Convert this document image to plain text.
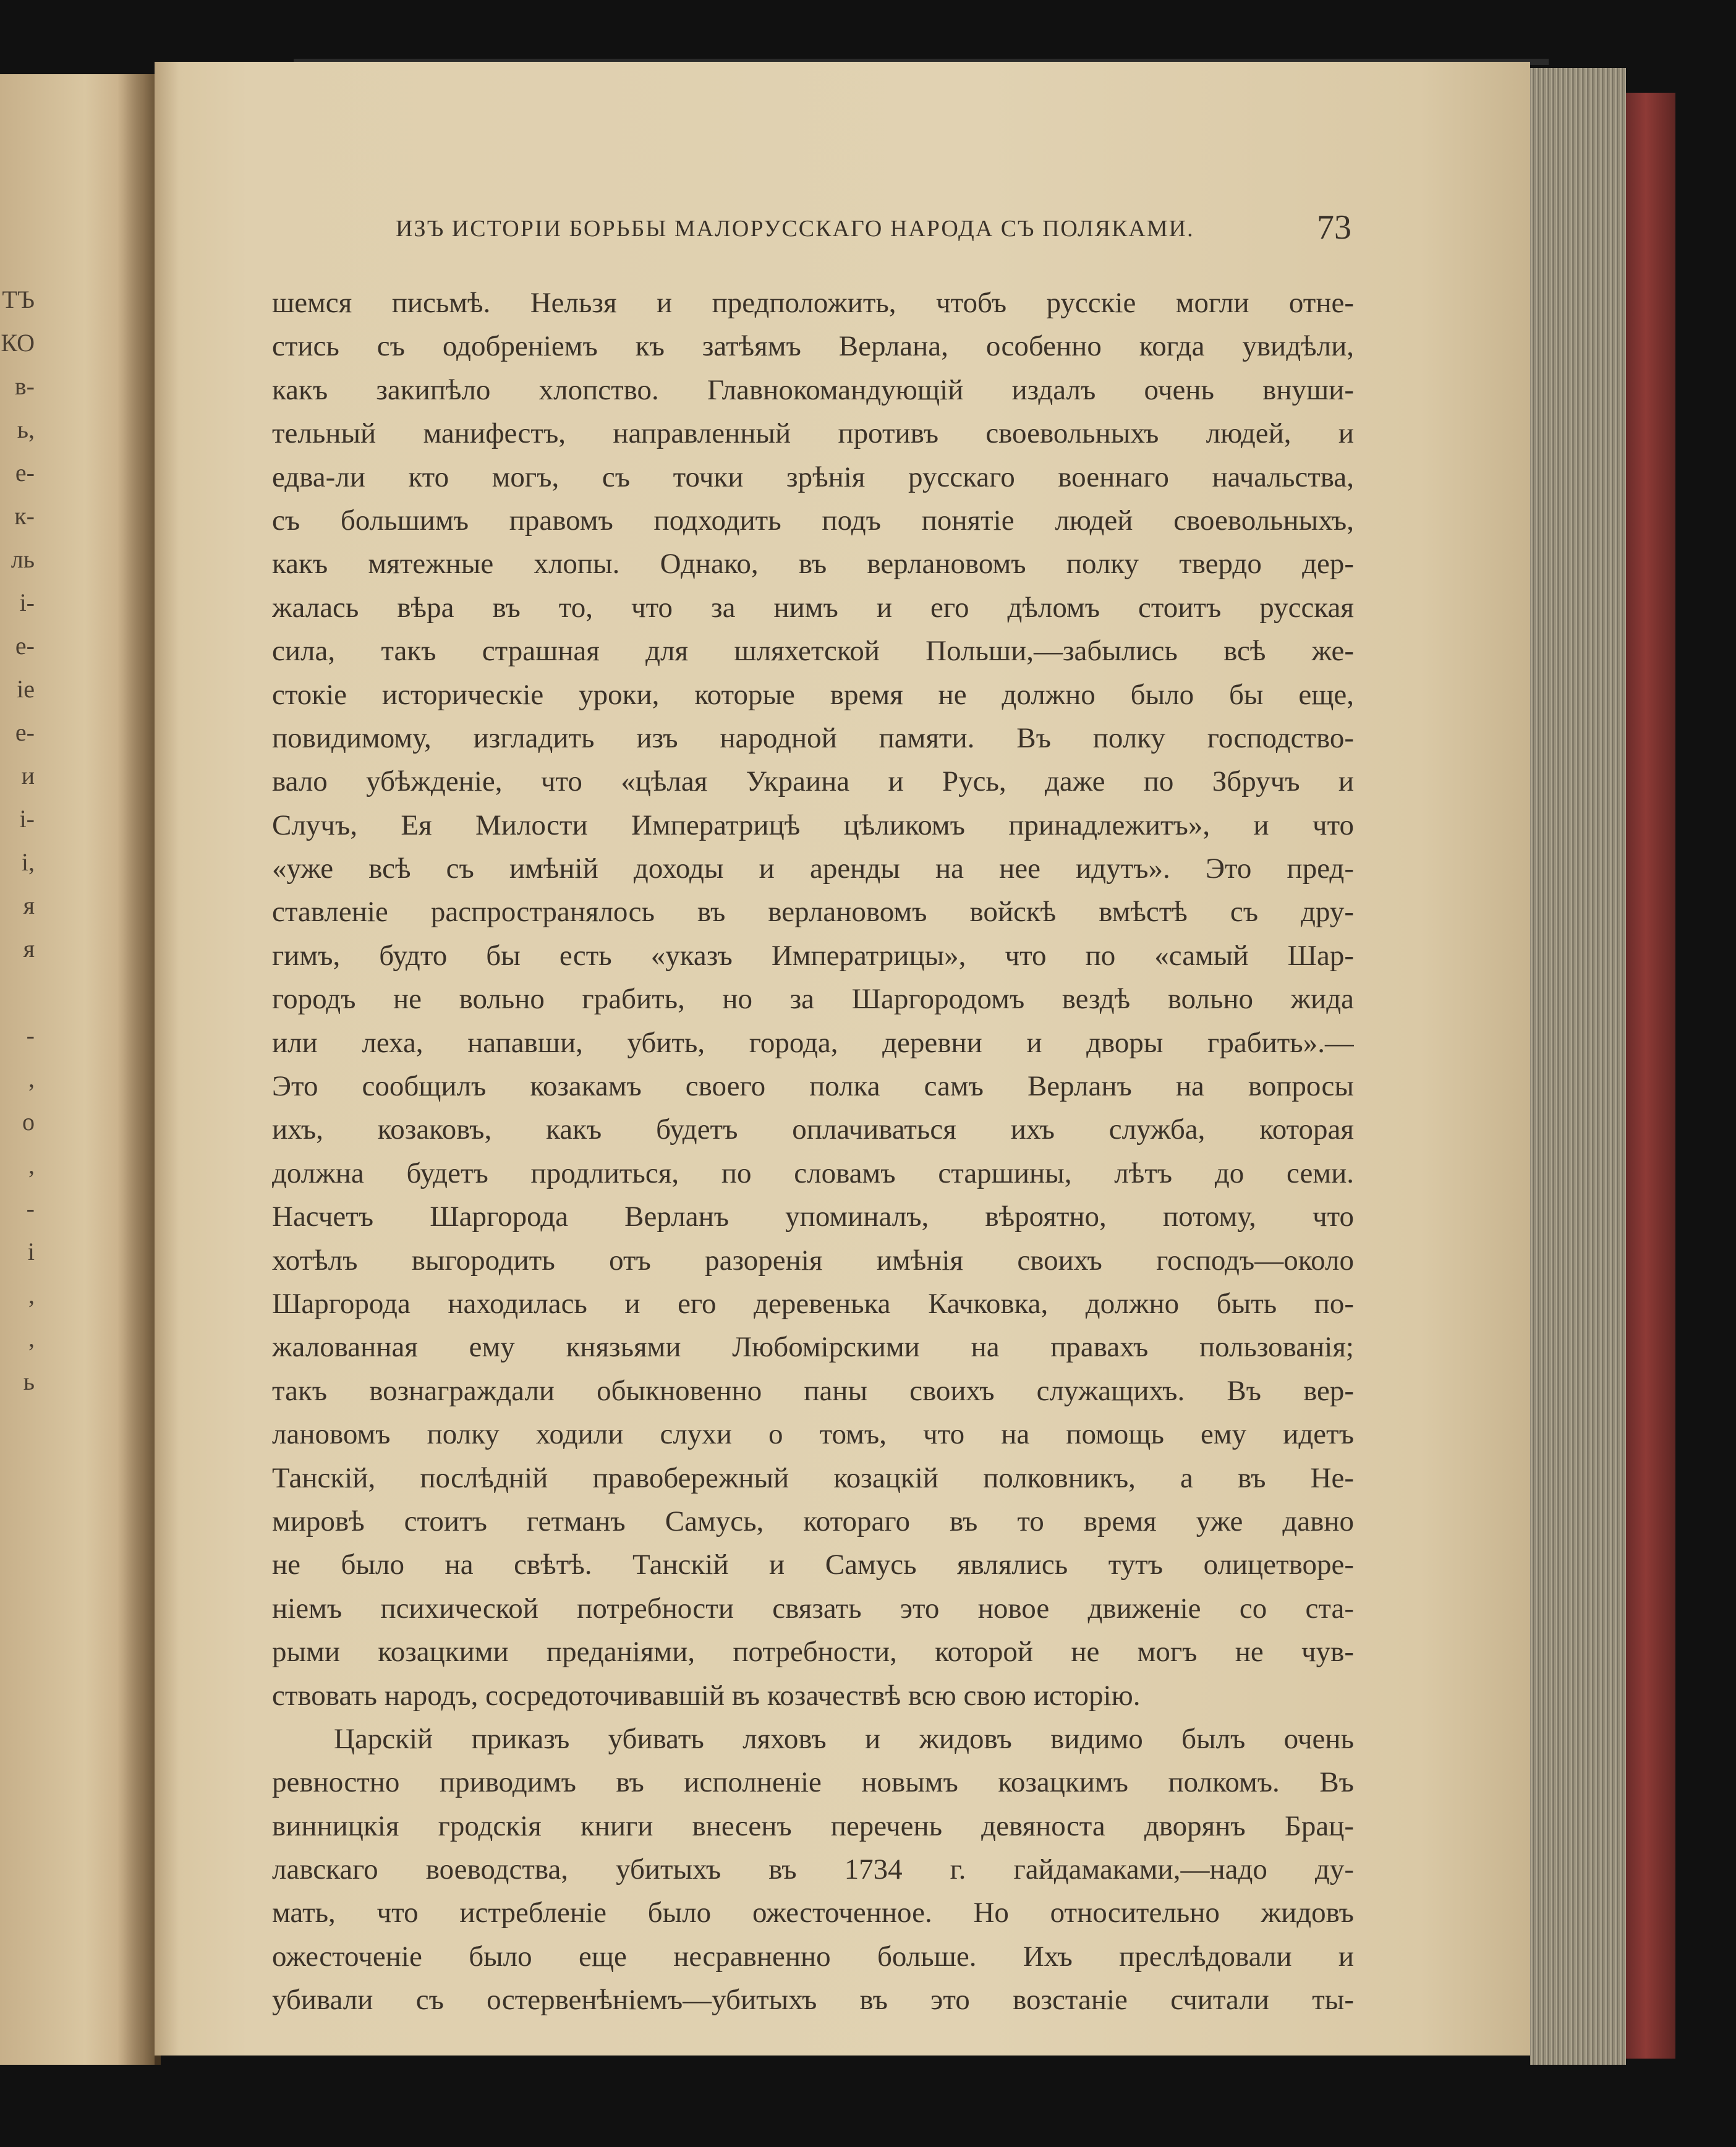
ТЪ
КО
в-
ь,
е-
к-
ль
і-
е-
іе
е-
и
і-
і,
я
я
-
,
о
,
-
і
,
,
ь
ИЗЪ ИСТОРІИ БОРЬБЫ МАЛОРУССКАГО НАРОДА СЪ ПОЛЯКАМИ.	73
шемся письмѣ. Нельзя и предположить, чтобъ русскіе могли отне-
стись съ одобреніемъ къ затѣямъ Верлана, особенно когда увидѣли,
какъ закипѣло хлопство. Главнокомандующій издалъ очень внуши-
тельный манифестъ, направленный противъ своевольныхъ людей, и
едва-ли кто могъ, съ точки зрѣнія русскаго военнаго начальства,
съ большимъ правомъ подходить подъ понятіе людей своевольныхъ,
какъ мятежные хлопы. Однако, въ верлановомъ полку твердо дер-
жалась вѣра въ то, что за нимъ и его дѣломъ стоитъ русская
сила, такъ страшная для шляхетской Польши,—забылись всѣ же-
стокіе историческіе уроки, которые время не должно было бы еще,
повидимому, изгладить изъ народной памяти. Въ полку господство-
вало убѣжденіе, что «цѣлая Украина и Русь, даже по Збручъ и
Случъ, Ея Милости Императрицѣ цѣликомъ принадлежитъ», и что
«уже всѣ съ имѣній доходы и аренды на нее идутъ». Это пред-
ставленіе распространялось въ верлановомъ войскѣ вмѣстѣ съ дру-
гимъ, будто бы есть «указъ Императрицы», что по «самый Шар-
городъ не вольно грабить, но за Шаргородомъ вездѣ вольно жида
или леха, напавши, убить, города, деревни и дворы грабить».—
Это сообщилъ козакамъ своего полка самъ Верланъ на вопросы
ихъ, козаковъ, какъ будетъ оплачиваться ихъ служба, которая
должна будетъ продлиться, по словамъ старшины, лѣтъ до семи.
Насчетъ Шаргорода Верланъ упоминалъ, вѣроятно, потому, что
хотѣлъ выгородить отъ разоренія имѣнія своихъ господъ—около
Шаргорода находилась и его деревенька Качковка, должно быть по-
жалованная ему князьями Любомірскими на правахъ пользованія;
такъ вознаграждали обыкновенно паны своихъ служащихъ. Въ вер-
лановомъ полку ходили слухи о томъ, что на помощь ему идетъ
Танскій, послѣдній правобережный козацкій полковникъ, а въ Не-
мировѣ стоитъ гетманъ Самусь, котораго въ то время уже давно
не было на свѣтѣ. Танскій и Самусь являлись тутъ олицетворе-
ніемъ психической потребности связать это новое движеніе со ста-
рыми козацкими преданіями, потребности, которой не могъ не чув-
ствовать народъ, сосредоточивавшій въ козачествѣ всю свою исторію.
Царскій приказъ убивать ляховъ и жидовъ видимо былъ очень
ревностно приводимъ въ исполненіе новымъ козацкимъ полкомъ. Въ
винницкія гродскія книги внесенъ перечень девяноста дворянъ Брац-
лавскаго воеводства, убитыхъ въ 1734 г. гайдамаками,—надо ду-
мать, что истребленіе было ожесточенное. Но относительно жидовъ
ожесточеніе было еще несравненно больше. Ихъ преслѣдовали и
убивали съ остервенѣніемъ—убитыхъ въ это возстаніе считали ты-
